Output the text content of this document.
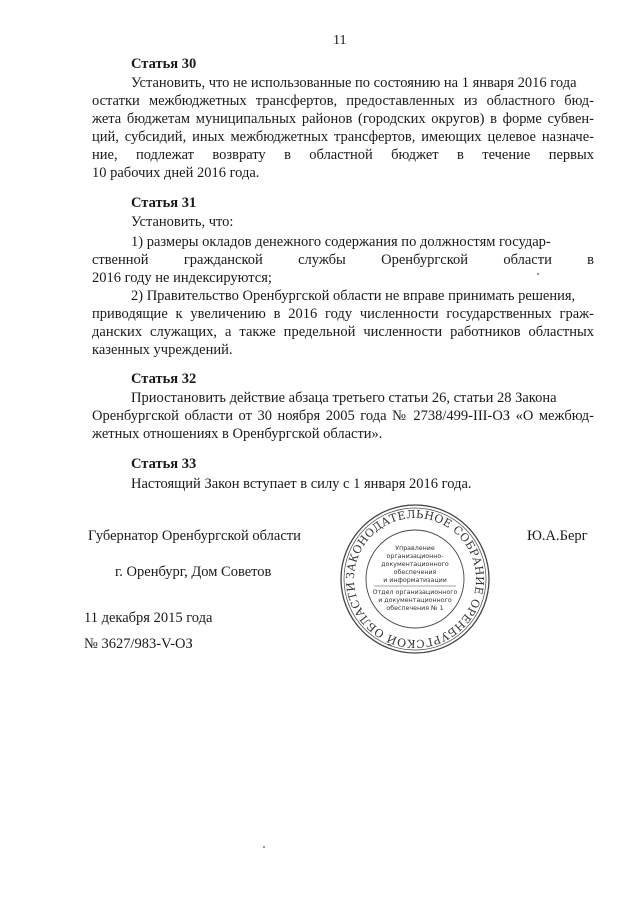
11
Статья 30
Установить, что не использованные по состоянию на 1 января 2016 года
остатки межбюджетных трансфертов, предоставленных из областного бюд-
жета бюджетам муниципальных районов (городских округов) в форме субвен-
ций, субсидий, иных межбюджетных трансфертов, имеющих целевое назначе-
ние, подлежат возврату в областной бюджет в течение первых
10 рабочих дней 2016 года.
Статья 31
Установить, что:
1) размеры окладов денежного содержания по должностям государ-
ственной гражданской службы Оренбургской области в
2016 году не индексируются;
2) Правительство Оренбургской области не вправе принимать решения,
приводящие к увеличению в 2016 году численности государственных граж-
данских служащих, а также предельной численности работников областных
казенных учреждений.
Статья 32
Приостановить действие абзаца третьего статьи 26, статьи 28 Закона
Оренбургской области от 30 ноября 2005 года № 2738/499-III-ОЗ «О межбюд-
жетных отношениях в Оренбургской области».
Статья 33
Настоящий Закон вступает в силу с 1 января 2016 года.
Губернатор Оренбургской области	Ю.А.Берг
г. Оренбург, Дом Советов
11 декабря 2015 года
№ 3627/983-V-ОЗ
ЗАКОНОДАТЕЛЬНОЕ СОБРАНИЕ ОРЕНБУРГСКОЙ ОБЛАСТИ
Управление
организационно-
документационного
обеспечения
и информатизации
Отдел организационного
и документационного
обеспечения № 1
